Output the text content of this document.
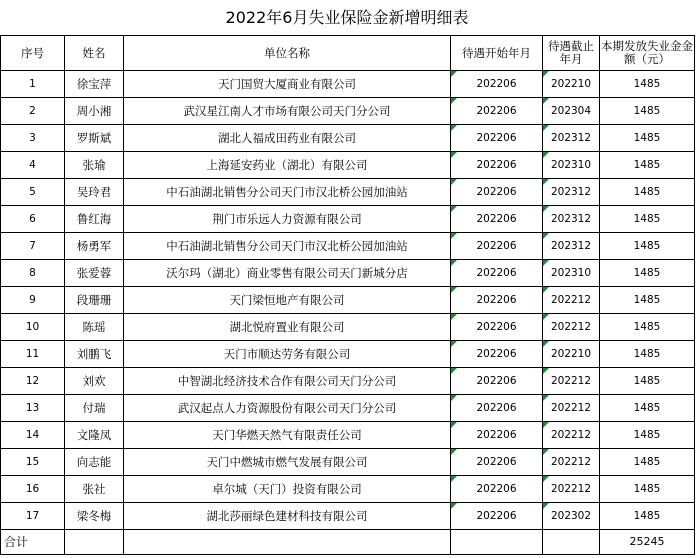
2022年6月失业保险金新增明细表
序号	姓名	单位名称	待遇开始年月	待遇截止年月	本期发放失业金金额（元）
1	徐宝萍	天门国贸大厦商业有限公司	202206	202210	1485
2	周小湘	武汉星江南人才市场有限公司天门分公司	202206	202304	1485
3	罗斯斌	湖北人福成田药业有限公司	202206	202312	1485
4	张瑜	上海延安药业（湖北）有限公司	202206	202310	1485
5	吴玲君	中石油湖北销售分公司天门市汉北桥公园加油站	202206	202312	1485
6	鲁红海	荆门市乐远人力资源有限公司	202206	202312	1485
7	杨勇军	中石油湖北销售分公司天门市汉北桥公园加油站	202206	202312	1485
8	张爱蓉	沃尔玛（湖北）商业零售有限公司天门新城分店	202206	202310	1485
9	段珊珊	天门梁恒地产有限公司	202206	202212	1485
10	陈瑶	湖北悦府置业有限公司	202206	202212	1485
11	刘鹏飞	天门市顺达劳务有限公司	202206	202210	1485
12	刘欢	中智湖北经济技术合作有限公司天门分公司	202206	202212	1485
13	付瑞	武汉起点人力资源股份有限公司天门分公司	202206	202212	1485
14	文隆凤	天门华燃天然气有限责任公司	202206	202212	1485
15	向志能	天门中燃城市燃气发展有限公司	202206	202212	1485
16	张社	卓尔城（天门）投资有限公司	202206	202212	1485
17	梁冬梅	湖北莎丽绿色建材科技有限公司	202206	202302	1485
合计					25245
